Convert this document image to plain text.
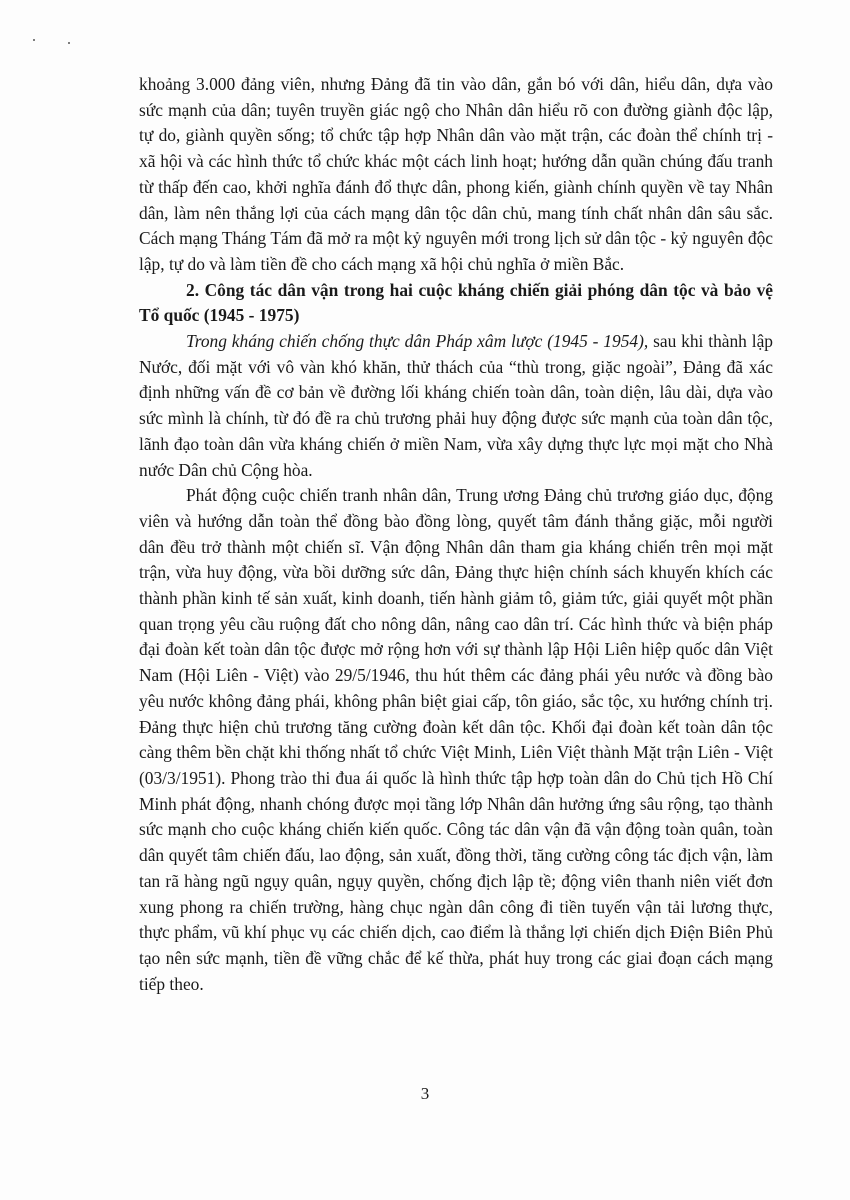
khoảng 3.000 đảng viên, nhưng Đảng đã tin vào dân, gắn bó với dân, hiểu dân, dựa vào sức mạnh của dân; tuyên truyền giác ngộ cho Nhân dân hiểu rõ con đường giành độc lập, tự do, giành quyền sống; tổ chức tập hợp Nhân dân vào mặt trận, các đoàn thể chính trị - xã hội và các hình thức tổ chức khác một cách linh hoạt; hướng dẫn quần chúng đấu tranh từ thấp đến cao, khởi nghĩa đánh đổ thực dân, phong kiến, giành chính quyền về tay Nhân dân, làm nên thắng lợi của cách mạng dân tộc dân chủ, mang tính chất nhân dân sâu sắc. Cách mạng Tháng Tám đã mở ra một kỷ nguyên mới trong lịch sử dân tộc - kỷ nguyên độc lập, tự do và làm tiền đề cho cách mạng xã hội chủ nghĩa ở miền Bắc.

2. Công tác dân vận trong hai cuộc kháng chiến giải phóng dân tộc và bảo vệ Tổ quốc (1945 - 1975)

Trong kháng chiến chống thực dân Pháp xâm lược (1945 - 1954), sau khi thành lập Nước, đối mặt với vô vàn khó khăn, thử thách của “thù trong, giặc ngoài”, Đảng đã xác định những vấn đề cơ bản về đường lối kháng chiến toàn dân, toàn diện, lâu dài, dựa vào sức mình là chính, từ đó đề ra chủ trương phải huy động được sức mạnh của toàn dân tộc, lãnh đạo toàn dân vừa kháng chiến ở miền Nam, vừa xây dựng thực lực mọi mặt cho Nhà nước Dân chủ Cộng hòa.

Phát động cuộc chiến tranh nhân dân, Trung ương Đảng chủ trương giáo dục, động viên và hướng dẫn toàn thể đồng bào đồng lòng, quyết tâm đánh thắng giặc, mỗi người dân đều trở thành một chiến sĩ. Vận động Nhân dân tham gia kháng chiến trên mọi mặt trận, vừa huy động, vừa bồi dưỡng sức dân, Đảng thực hiện chính sách khuyến khích các thành phần kinh tế sản xuất, kinh doanh, tiến hành giảm tô, giảm tức, giải quyết một phần quan trọng yêu cầu ruộng đất cho nông dân, nâng cao dân trí. Các hình thức và biện pháp đại đoàn kết toàn dân tộc được mở rộng hơn với sự thành lập Hội Liên hiệp quốc dân Việt Nam (Hội Liên - Việt) vào 29/5/1946, thu hút thêm các đảng phái yêu nước và đồng bào yêu nước không đảng phái, không phân biệt giai cấp, tôn giáo, sắc tộc, xu hướng chính trị. Đảng thực hiện chủ trương tăng cường đoàn kết dân tộc. Khối đại đoàn kết toàn dân tộc càng thêm bền chặt khi thống nhất tổ chức Việt Minh, Liên Việt thành Mặt trận Liên - Việt (03/3/1951). Phong trào thi đua ái quốc là hình thức tập hợp toàn dân do Chủ tịch Hồ Chí Minh phát động, nhanh chóng được mọi tầng lớp Nhân dân hưởng ứng sâu rộng, tạo thành sức mạnh cho cuộc kháng chiến kiến quốc. Công tác dân vận đã vận động toàn quân, toàn dân quyết tâm chiến đấu, lao động, sản xuất, đồng thời, tăng cường công tác địch vận, làm tan rã hàng ngũ ngụy quân, ngụy quyền, chống địch lập tề; động viên thanh niên viết đơn xung phong ra chiến trường, hàng chục ngàn dân công đi tiền tuyến vận tải lương thực, thực phẩm, vũ khí phục vụ các chiến dịch, cao điểm là thắng lợi chiến dịch Điện Biên Phủ tạo nên sức mạnh, tiền đề vững chắc để kế thừa, phát huy trong các giai đoạn cách mạng tiếp theo.

3
